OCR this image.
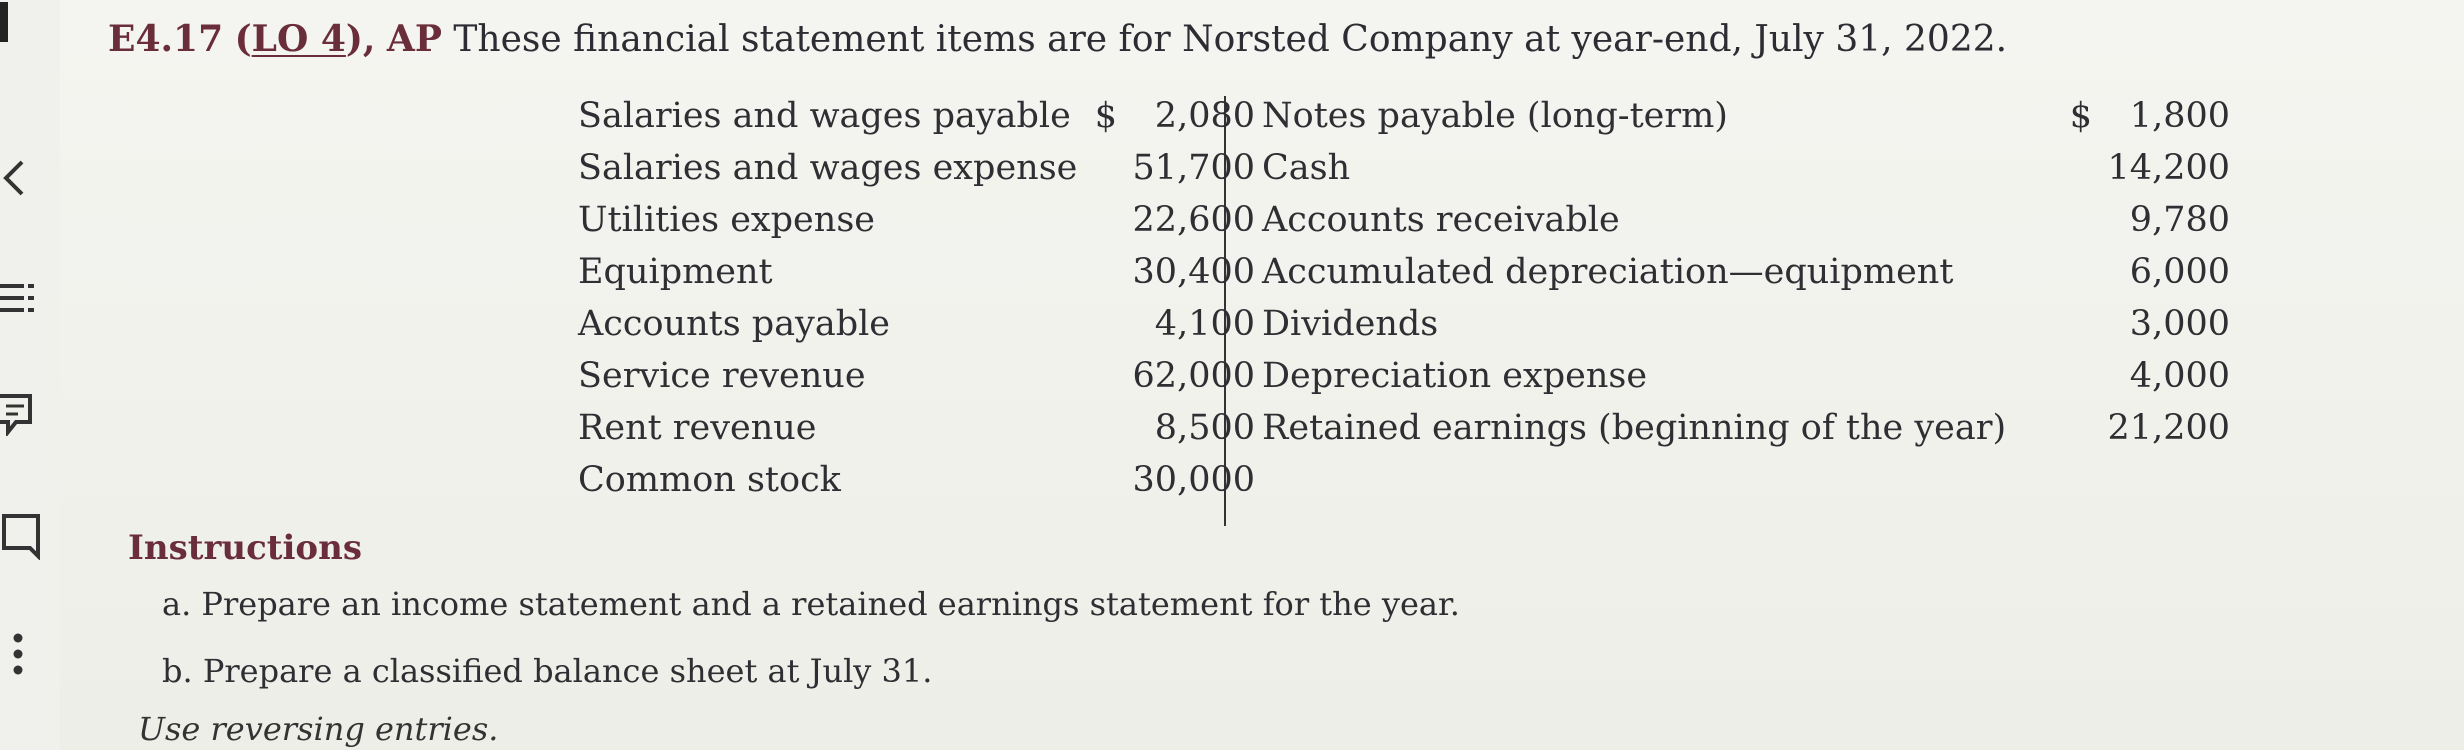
E4.17 (LO 4), AP These financial statement items are for Norsted Company at year-end, July 31, 2022.
Salaries and wages payable
Salaries and wages expense
Utilities expense
Equipment
Accounts payable
Service revenue
Rent revenue
Common stock
$ 2,080
51,700
22,600
30,400
4,100
62,000
8,500
30,000
Notes payable (long-term)
Cash
Accounts receivable
Accumulated depreciation—equipment
Dividends
Depreciation expense
Retained earnings (beginning of the year)
$ 1,800
14,200
9,780
6,000
3,000
4,000
21,200
Instructions
a. Prepare an income statement and a retained earnings statement for the year.
b. Prepare a classified balance sheet at July 31.
Use reversing entries.
